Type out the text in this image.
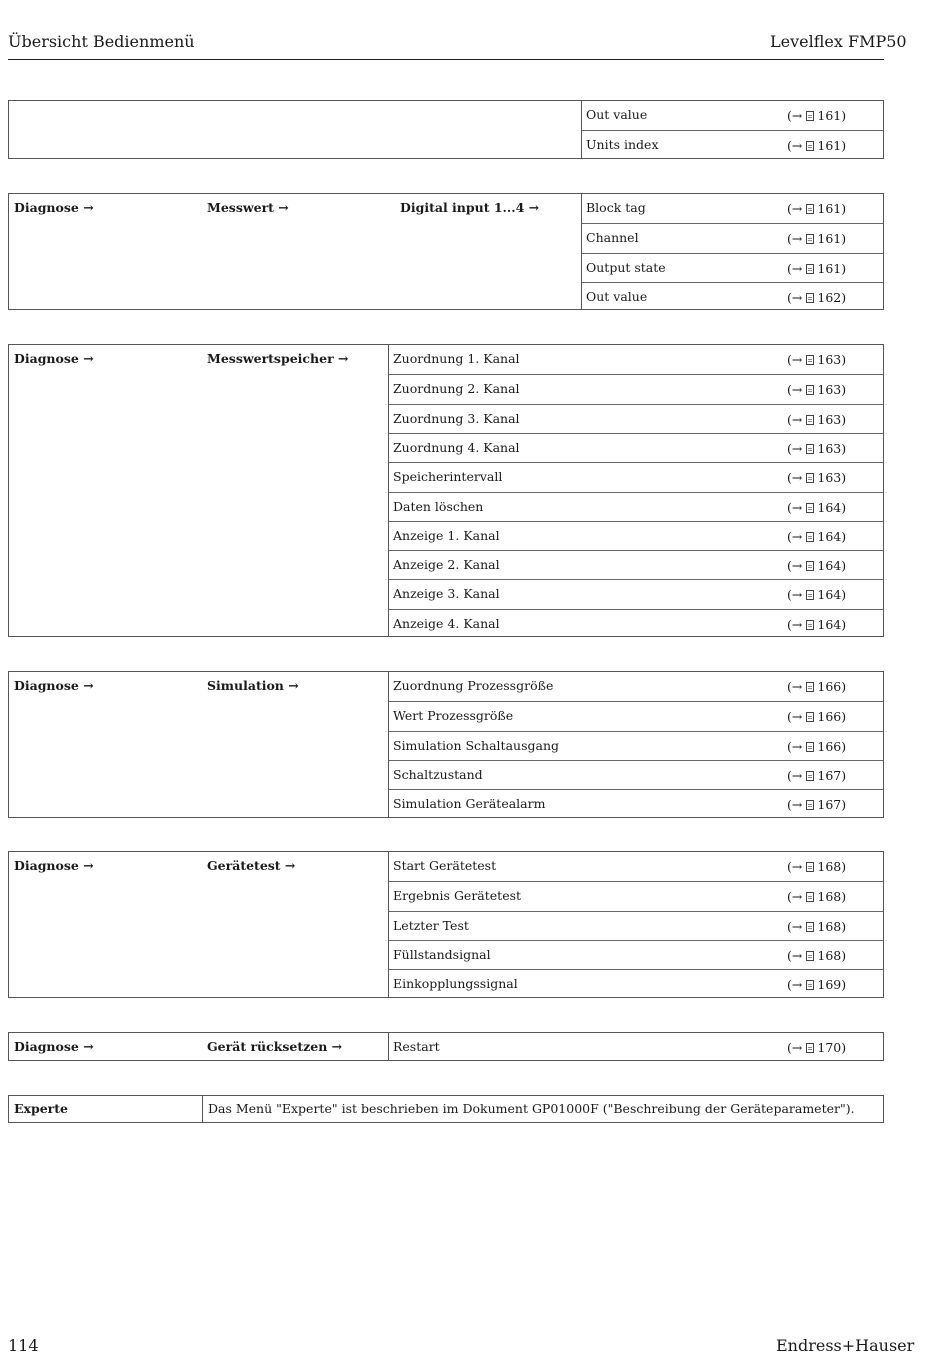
Übersicht Bedienmenü	Levelflex FMP50
Out value	(→ 161)
Units index	(→ 161)
Diagnose →	Messwert →	Digital input 1...4 →	Block tag	(→ 161)
Channel	(→ 161)
Output state	(→ 161)
Out value	(→ 162)
Diagnose →	Messwertspeicher →	Zuordnung 1. Kanal	(→ 163)
Zuordnung 2. Kanal	(→ 163)
Zuordnung 3. Kanal	(→ 163)
Zuordnung 4. Kanal	(→ 163)
Speicherintervall	(→ 163)
Daten löschen	(→ 164)
Anzeige 1. Kanal	(→ 164)
Anzeige 2. Kanal	(→ 164)
Anzeige 3. Kanal	(→ 164)
Anzeige 4. Kanal	(→ 164)
Diagnose →	Simulation →	Zuordnung Prozessgröße	(→ 166)
Wert Prozessgröße	(→ 166)
Simulation Schaltausgang	(→ 166)
Schaltzustand	(→ 167)
Simulation Gerätealarm	(→ 167)
Diagnose →	Gerätetest →	Start Gerätetest	(→ 168)
Ergebnis Gerätetest	(→ 168)
Letzter Test	(→ 168)
Füllstandsignal	(→ 168)
Einkopplungssignal	(→ 169)
Diagnose →	Gerät rücksetzen →	Restart	(→ 170)
Experte	Das Menü "Experte" ist beschrieben im Dokument GP01000F ("Beschreibung der Geräteparameter").
114	Endress+Hauser
